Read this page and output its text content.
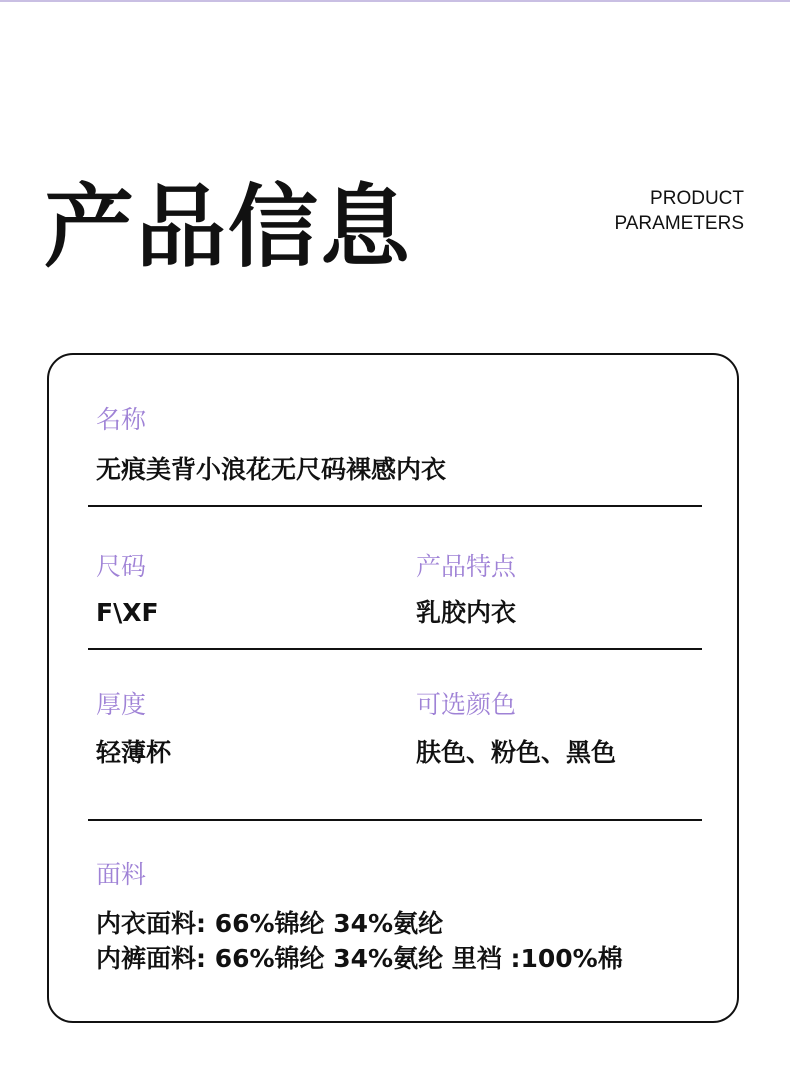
产品信息	PRODUCT
PARAMETERS
名称
无痕美背小浪花无尺码裸感内衣
尺码
F\XF
产品特点
乳胶内衣
厚度
轻薄杯
可选颜色
肤色、粉色、黑色
面料
内衣面料: 66%锦纶 34%氨纶
内裤面料: 66%锦纶 34%氨纶 里裆 :100%棉
